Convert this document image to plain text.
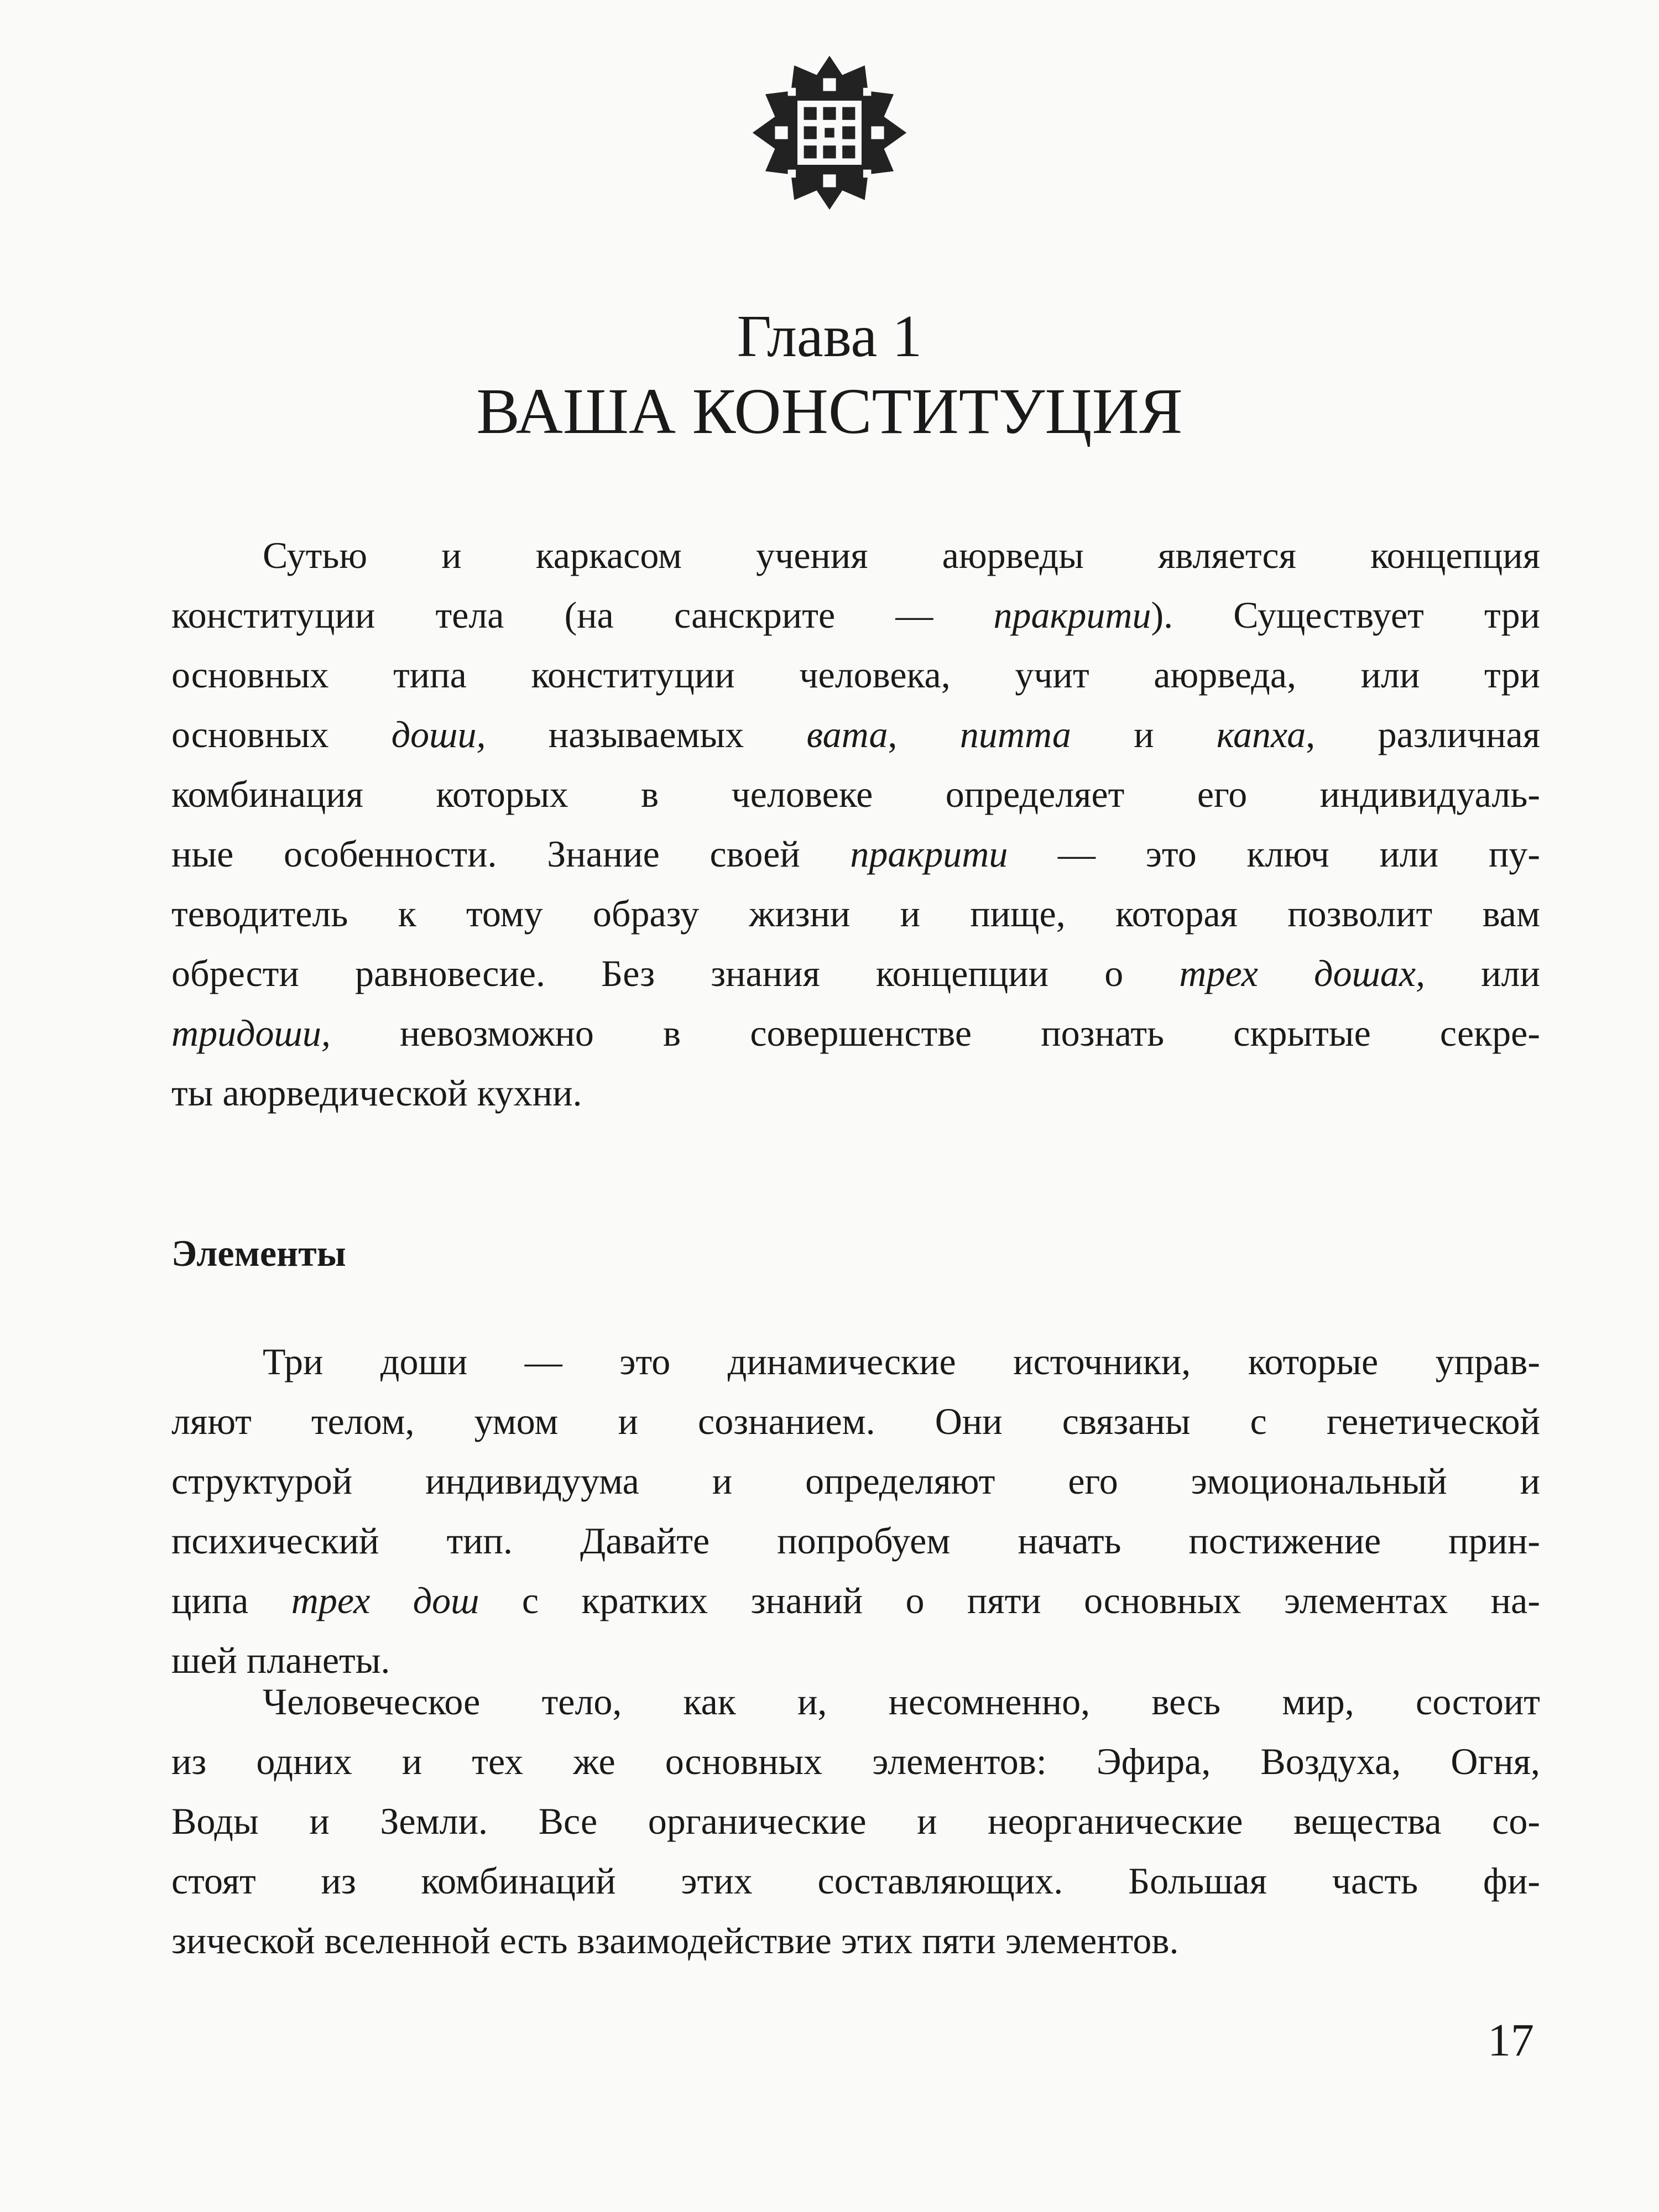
Глава 1
ВАША КОНСТИТУЦИЯ
Сутью и каркасом учения аюрведы является концепция
конституции тела (на санскрите — пракрити). Существует три
основных типа конституции человека, учит аюрведа, или три
основных доши, называемых вата, питта и капха, различная
комбинация которых в человеке определяет его индивидуаль-
ные особенности. Знание своей пракрити — это ключ или пу-
теводитель к тому образу жизни и пище, которая позволит вам
обрести равновесие. Без знания концепции о трех дошах, или
тридоши, невозможно в совершенстве познать скрытые секре-
ты аюрведической кухни.
Элементы
Три доши — это динамические источники, которые управ-
ляют телом, умом и сознанием. Они связаны с генетической
структурой индивидуума и определяют его эмоциональный и
психический тип. Давайте попробуем начать постижение прин-
ципа трех дош с кратких знаний о пяти основных элементах на-
шей планеты.
Человеческое тело, как и, несомненно, весь мир, состоит
из одних и тех же основных элементов: Эфира, Воздуха, Огня,
Воды и Земли. Все органические и неорганические вещества со-
стоят из комбинаций этих составляющих. Большая часть фи-
зической вселенной есть взаимодействие этих пяти элементов.
17
